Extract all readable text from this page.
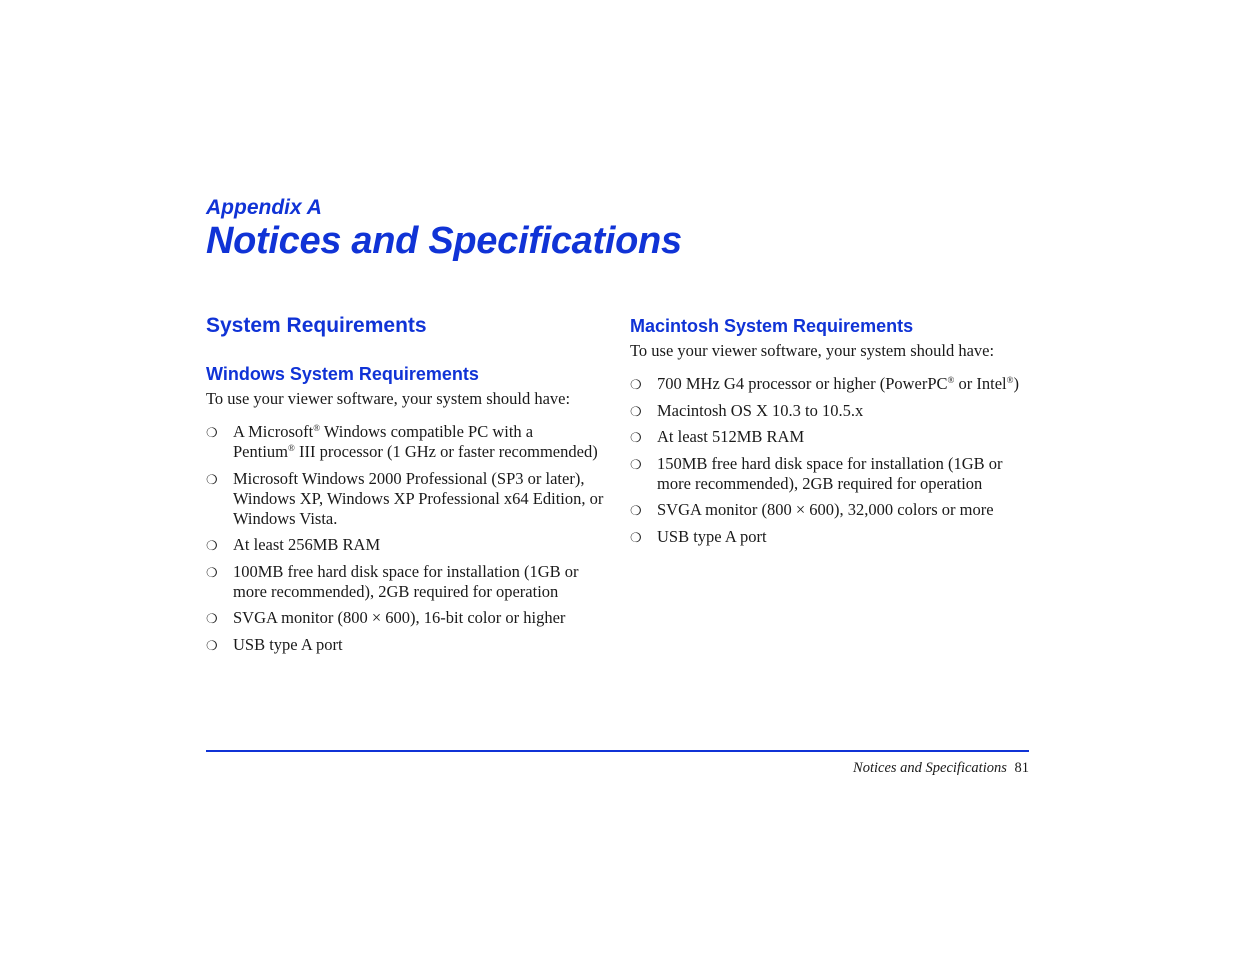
Appendix A
Notices and Specifications
System Requirements
Windows System Requirements
To use your viewer software, your system should have:
❍ A Microsoft® Windows compatible PC with a
Pentium® III processor (1 GHz or faster recommended)
❍ Microsoft Windows 2000 Professional (SP3 or later),
Windows XP, Windows XP Professional x64 Edition, or
Windows Vista.
❍ At least 256MB RAM
❍ 100MB free hard disk space for installation (1GB or
more recommended), 2GB required for operation
❍ SVGA monitor (800 × 600), 16-bit color or higher
❍ USB type A port
Macintosh System Requirements
To use your viewer software, your system should have:
❍ 700 MHz G4 processor or higher (PowerPC® or Intel®)
❍ Macintosh OS X 10.3 to 10.5.x
❍ At least 512MB RAM
❍ 150MB free hard disk space for installation (1GB or
more recommended), 2GB required for operation
❍ SVGA monitor (800 × 600), 32,000 colors or more
❍ USB type A port
Notices and Specifications 81
